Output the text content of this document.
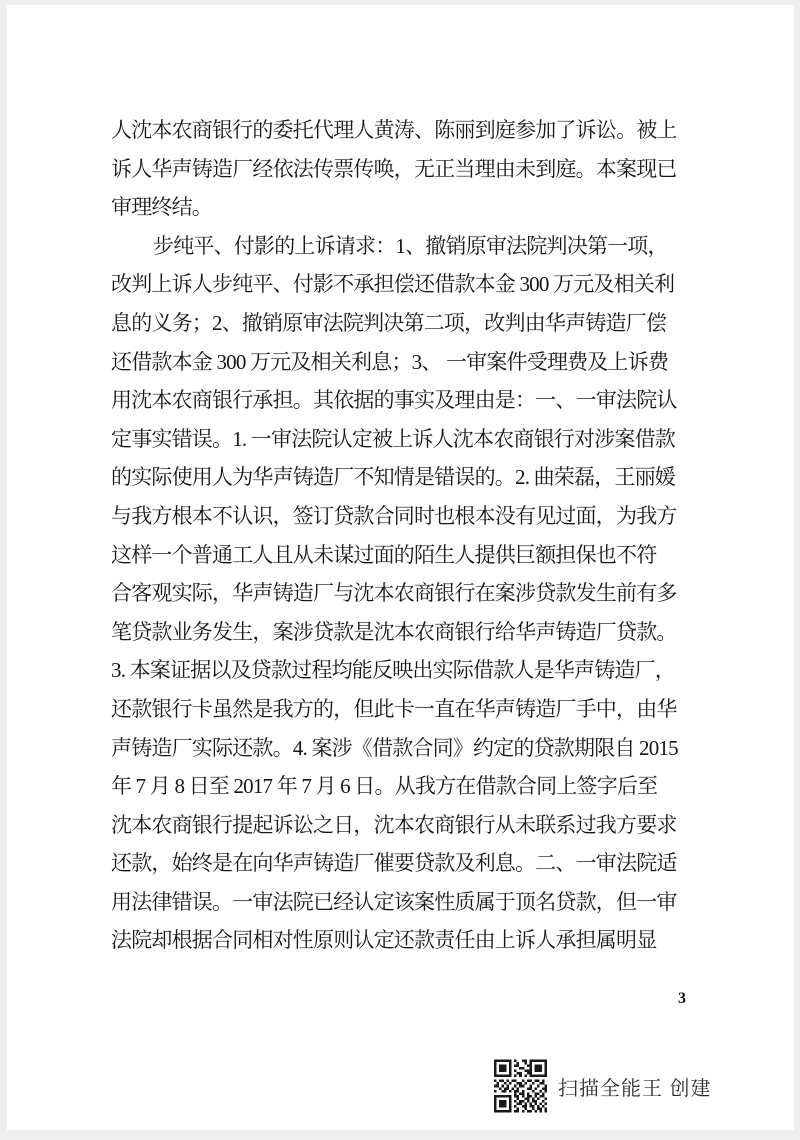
人沈本农商银行的委托代理人黄涛、陈丽到庭参加了诉讼。被上
诉人华声铸造厂经依法传票传唤，无正当理由未到庭。本案现已
审理终结。
步纯平、付影的上诉请求：1、撤销原审法院判决第一项，
改判上诉人步纯平、付影不承担偿还借款本金 300 万元及相关利
息的义务；2、撤销原审法院判决第二项，改判由华声铸造厂偿
还借款本金 300 万元及相关利息；3、 一审案件受理费及上诉费
用沈本农商银行承担。其依据的事实及理由是：一、一审法院认
定事实错误。1. 一审法院认定被上诉人沈本农商银行对涉案借款
的实际使用人为华声铸造厂不知情是错误的。2. 曲荣磊，王丽媛
与我方根本不认识，签订贷款合同时也根本没有见过面，为我方
这样一个普通工人且从未谋过面的陌生人提供巨额担保也不符
合客观实际，华声铸造厂与沈本农商银行在案涉贷款发生前有多
笔贷款业务发生，案涉贷款是沈本农商银行给华声铸造厂贷款。
3. 本案证据以及贷款过程均能反映出实际借款人是华声铸造厂，
还款银行卡虽然是我方的，但此卡一直在华声铸造厂手中，由华
声铸造厂实际还款。4. 案涉《借款合同》约定的贷款期限自 2015
年 7 月 8 日至 2017 年 7 月 6 日。从我方在借款合同上签字后至
沈本农商银行提起诉讼之日，沈本农商银行从未联系过我方要求
还款，始终是在向华声铸造厂催要贷款及利息。二、一审法院适
用法律错误。一审法院已经认定该案性质属于顶名贷款，但一审
法院却根据合同相对性原则认定还款责任由上诉人承担属明显
3
扫描全能王 创建
